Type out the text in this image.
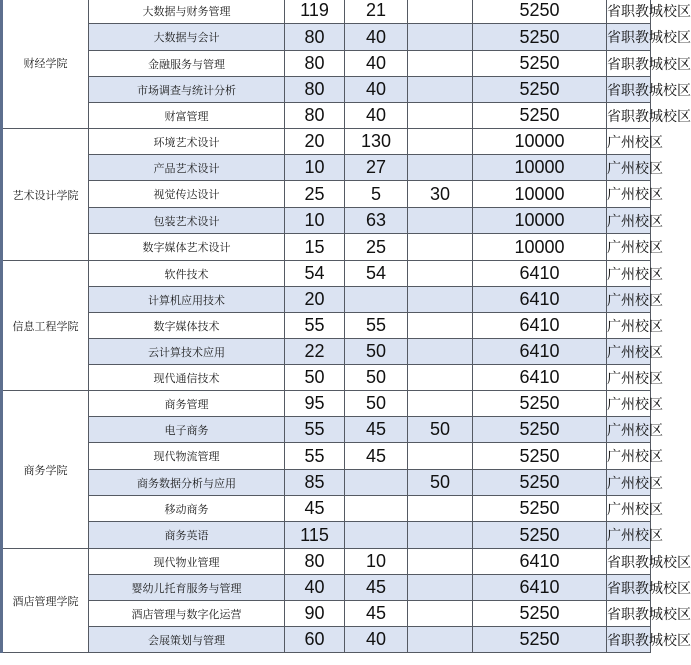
财经学院	大数据与财务管理	119	21		5250	省职教城校区
	大数据与会计	80	40		5250	省职教城校区
	金融服务与管理	80	40		5250	省职教城校区
	市场调查与统计分析	80	40		5250	省职教城校区
	财富管理	80	40		5250	省职教城校区
艺术设计学院	环境艺术设计	20	130		10000	广州校区
	产品艺术设计	10	27		10000	广州校区
	视觉传达设计	25	5	30	10000	广州校区
	包装艺术设计	10	63		10000	广州校区
	数字媒体艺术设计	15	25		10000	广州校区
信息工程学院	软件技术	54	54		6410	广州校区
	计算机应用技术	20			6410	广州校区
	数字媒体技术	55	55		6410	广州校区
	云计算技术应用	22	50		6410	广州校区
	现代通信技术	50	50		6410	广州校区
商务学院	商务管理	95	50		5250	广州校区
	电子商务	55	45	50	5250	广州校区
	现代物流管理	55	45		5250	广州校区
	商务数据分析与应用	85		50	5250	广州校区
	移动商务	45			5250	广州校区
	商务英语	115			5250	广州校区
酒店管理学院	现代物业管理	80	10		6410	省职教城校区
	婴幼儿托育服务与管理	40	45		6410	省职教城校区
	酒店管理与数字化运营	90	45		5250	省职教城校区
	会展策划与管理	60	40		5250	省职教城校区
